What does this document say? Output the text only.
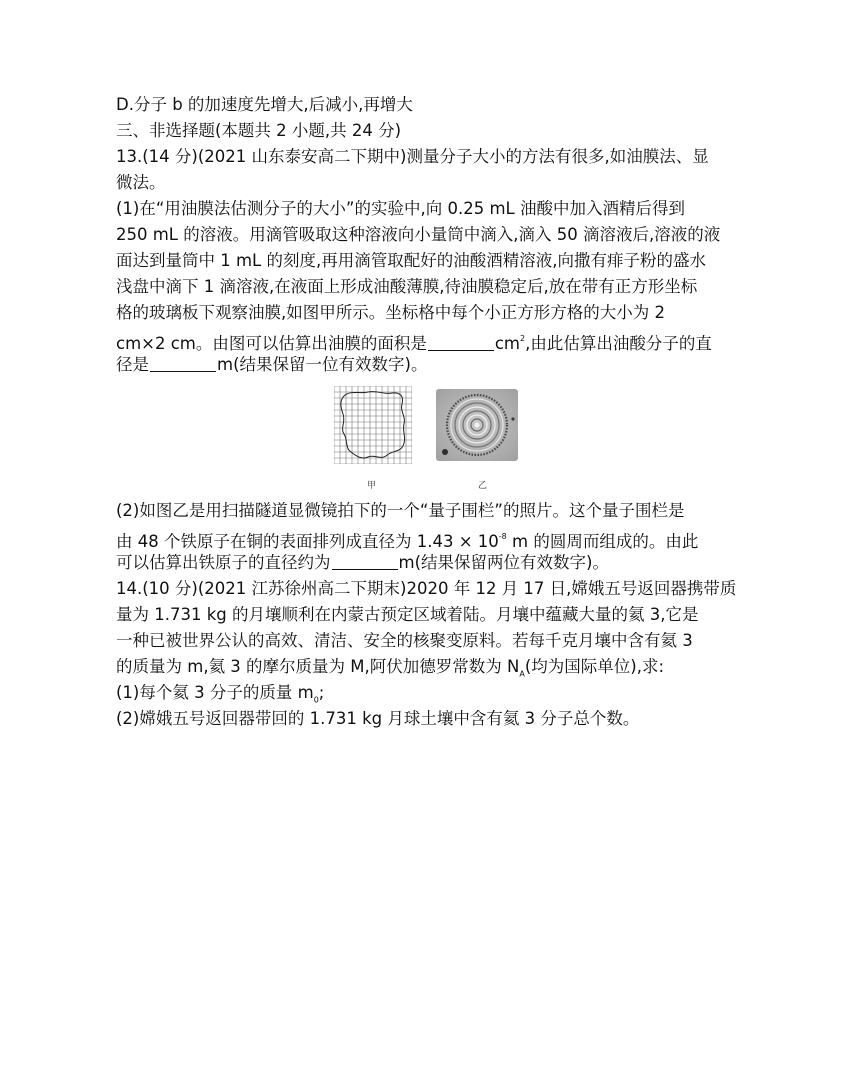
D.分子 b 的加速度先增大,后减小,再增大
三、非选择题(本题共 2 小题,共 24 分)
13.(14 分)(2021 山东泰安高二下期中)测量分子大小的方法有很多,如油膜法、显
微法。
(1)在“用油膜法估测分子的大小”的实验中,向 0.25 mL 油酸中加入酒精后得到
250 mL 的溶液。用滴管吸取这种溶液向小量筒中滴入,滴入 50 滴溶液后,溶液的液
面达到量筒中 1 mL 的刻度,再用滴管取配好的油酸酒精溶液,向撒有痱子粉的盛水
浅盘中滴下 1 滴溶液,在液面上形成油酸薄膜,待油膜稳定后,放在带有正方形坐标
格的玻璃板下观察油膜,如图甲所示。坐标格中每个小正方形方格的大小为 2
cm×2 cm。由图可以估算出油膜的面积是	$cm^2$,由此估算出油酸分子的直
径是	m(结果保留一位有效数字)。
甲	乙
(2)如图乙是用扫描隧道显微镜拍下的一个“量子围栏”的照片。这个量子围栏是
由 48 个铁原子在铜的表面排列成直径为 $1.43 \times 10^{-8}$ m 的圆周而组成的。由此
可以估算出铁原子的直径约为	m(结果保留两位有效数字)。
14.(10 分)(2021 江苏徐州高二下期末)2020 年 12 月 17 日,嫦娥五号返回器携带质
量为 1.731 kg 的月壤顺利在内蒙古预定区域着陆。月壤中蕴藏大量的氦 3,它是
一种已被世界公认的高效、清洁、安全的核聚变原料。若每千克月壤中含有氦 3
的质量为 m,氦 3 的摩尔质量为 M,阿伏加德罗常数为 $N_A$(均为国际单位),求:
(1)每个氦 3 分子的质量 $m_0$;
(2)嫦娥五号返回器带回的 1.731 kg 月球土壤中含有氦 3 分子总个数。
